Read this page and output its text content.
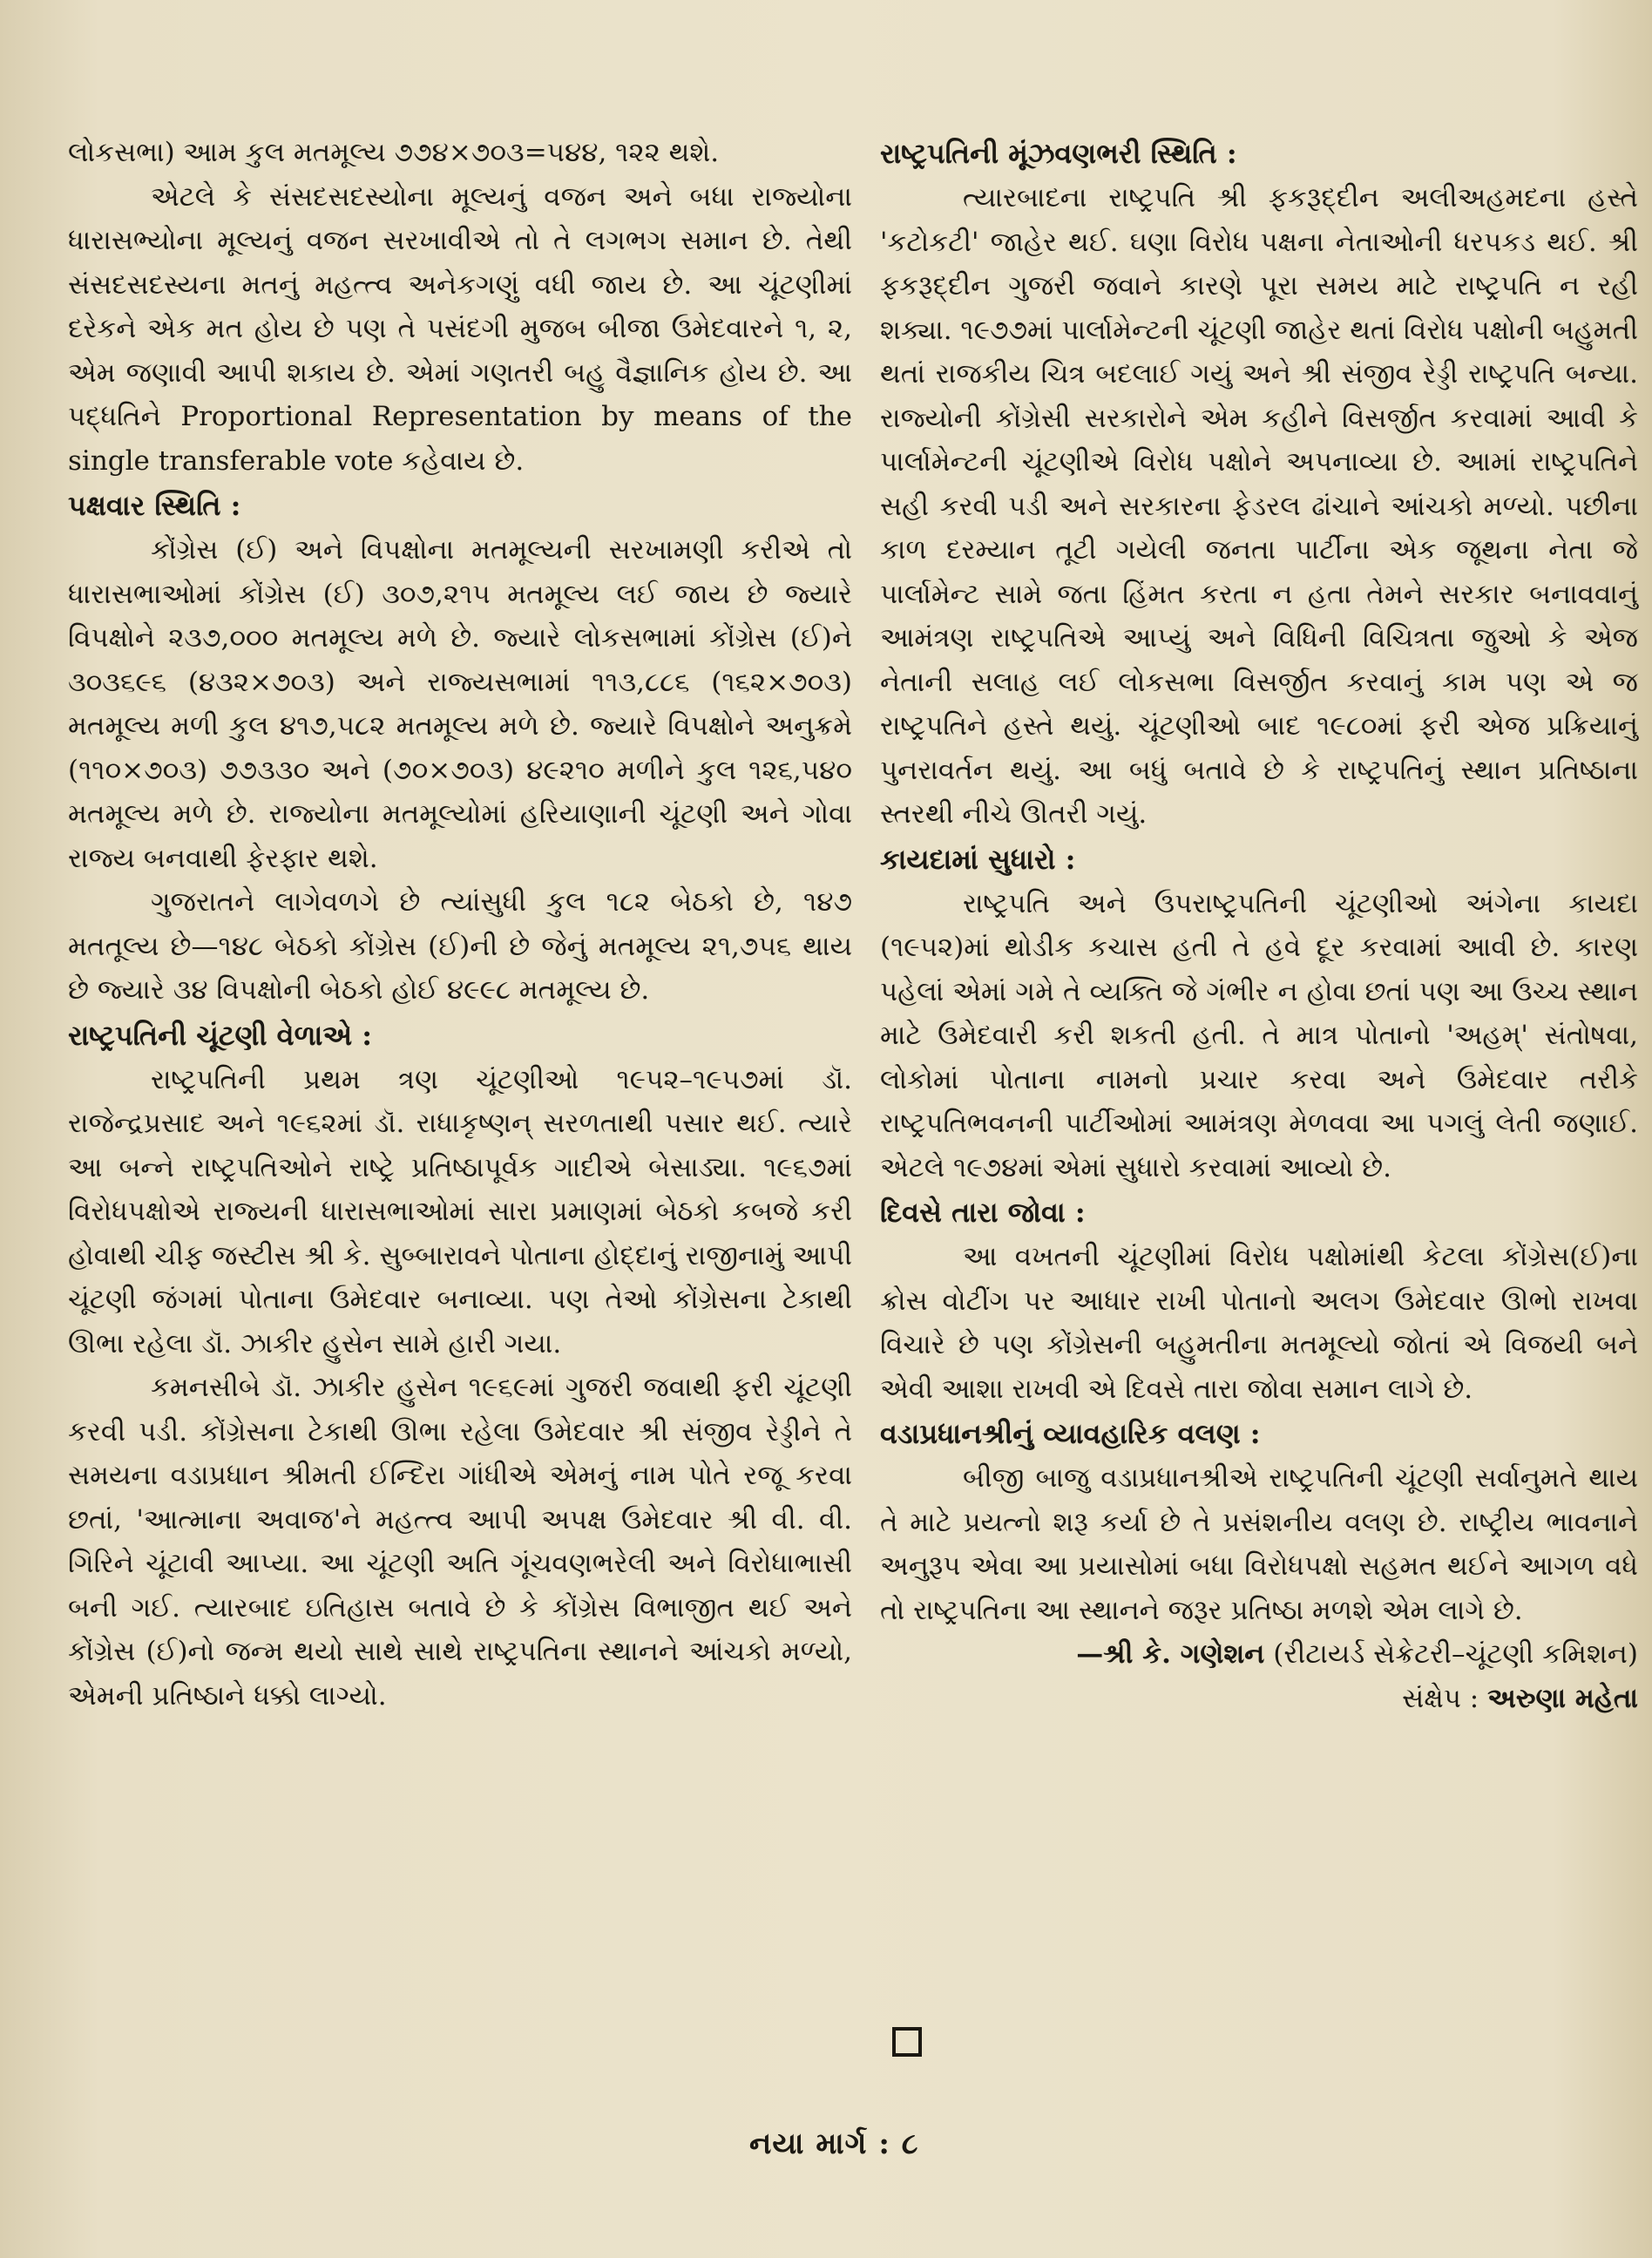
લોકસભા) આમ કુલ મતમૂલ્ય ૭૭૪×૭૦૩=૫૪૪, ૧૨૨ થશે.

એટલે કે સંસદસદસ્યોના મૂલ્યનું વજન અને બધા રાજ્યોના ધારાસભ્યોના મૂલ્યનું વજન સરખાવીએ તો તે લગભગ સમાન છે. તેથી સંસદસદસ્યના મતનું મહત્ત્વ અનેકગણું વધી જાય છે. આ ચૂંટણીમાં દરેકને એક મત હોય છે પણ તે પસંદગી મુજબ બીજા ઉમેદવારને ૧, ૨, એમ જણાવી આપી શકાય છે. એમાં ગણતરી બહુ વૈજ્ઞાનિક હોય છે. આ પદ્ધતિને Proportional Representation by means of the single transferable vote કહેવાય છે.

પક્ષવાર સ્થિતિ :

કોંગ્રેસ (ઈ) અને વિપક્ષોના મતમૂલ્યની સરખામણી કરીએ તો ધારાસભાઓમાં કોંગ્રેસ (ઈ) ૩૦૭,૨૧૫ મતમૂલ્ય લઈ જાય છે જ્યારે વિપક્ષોને ૨૩૭,૦૦૦ મતમૂલ્ય મળે છે. જ્યારે લોકસભામાં કોંગ્રેસ (ઈ)ને ૩૦૩૬૯૬ (૪૩૨×૭૦૩) અને રાજ્યસભામાં ૧૧૩,૮૮૬ (૧૬૨×૭૦૩) મતમૂલ્ય મળી કુલ ૪૧૭,૫૮૨ મતમૂલ્ય મળે છે. જ્યારે વિપક્ષોને અનુક્રમે (૧૧૦×૭૦૩) ૭૭૩૩૦ અને (૭૦×૭૦૩) ૪૯૨૧૦ મળીને કુલ ૧૨૬,૫૪૦ મતમૂલ્ય મળે છે. રાજ્યોના મતમૂલ્યોમાં હરિયાણાની ચૂંટણી અને ગોવા રાજ્ય બનવાથી ફેરફાર થશે.

ગુજરાતને લાગેવળગે છે ત્યાંસુધી કુલ ૧૮૨ બેઠકો છે, ૧૪૭ મતતૂલ્ય છે—૧૪૮ બેઠકો કોંગ્રેસ (ઈ)ની છે જેનું મતમૂલ્ય ૨૧,૭૫૬ થાય છે જ્યારે ૩૪ વિપક્ષોની બેઠકો હોઈ ૪૯૯૮ મતમૂલ્ય છે.

રાષ્ટ્રપતિની ચૂંટણી વેળાએ :

રાષ્ટ્રપતિની પ્રથમ ત્રણ ચૂંટણીઓ ૧૯૫૨–૧૯૫૭માં ડૉ. રાજેન્દ્રપ્રસાદ અને ૧૯૬૨માં ડૉ. રાધાકૃષ્ણન્ સરળતાથી પસાર થઈ. ત્યારે આ બન્ને રાષ્ટ્રપતિઓને રાષ્ટ્રે પ્રતિષ્ઠાપૂર્વક ગાદીએ બેસાડ્યા. ૧૯૬૭માં વિરોધપક્ષોએ રાજ્યની ધારાસભાઓમાં સારા પ્રમાણમાં બેઠકો કબજે કરી હોવાથી ચીફ જસ્ટીસ શ્રી કે. સુબ્બારાવને પોતાના હોદ્દાનું રાજીનામું આપી ચૂંટણી જંગમાં પોતાના ઉમેદવાર બનાવ્યા. પણ તેઓ કોંગ્રેસના ટેકાથી ઊભા રહેલા ડૉ. ઝાકીર હુસેન સામે હારી ગયા.

કમનસીબે ડૉ. ઝાકીર હુસેન ૧૯૬૯માં ગુજરી જવાથી ફરી ચૂંટણી કરવી પડી. કોંગ્રેસના ટેકાથી ઊભા રહેલા ઉમેદવાર શ્રી સંજીવ રેડ્ડીને તે સમયના વડાપ્રધાન શ્રીમતી ઈન્દિરા ગાંધીએ એમનું નામ પોતે રજૂ કરવા છતાં, 'આત્માના અવાજ'ને મહત્ત્વ આપી અપક્ષ ઉમેદવાર શ્રી વી. વી. ગિરિને ચૂંટાવી આપ્યા. આ ચૂંટણી અતિ ગૂંચવણભરેલી અને વિરોધાભાસી બની ગઈ. ત્યારબાદ ઇતિહાસ બતાવે છે કે કોંગ્રેસ વિભાજીત થઈ અને કોંગ્રેસ (ઈ)નો જન્મ થયો સાથે સાથે રાષ્ટ્રપતિના સ્થાનને આંચકો મળ્યો, એમની પ્રતિષ્ઠાને ધક્કો લાગ્યો.

રાષ્ટ્રપતિની મૂંઝવણભરી સ્થિતિ :

ત્યારબાદના રાષ્ટ્રપતિ શ્રી ફકરૂદ્દીન અલીઅહમદના હસ્તે 'કટોકટી' જાહેર થઈ. ઘણા વિરોધ પક્ષના નેતાઓની ધરપકડ થઈ. શ્રી ફકરૂદ્દીન ગુજરી જવાને કારણે પૂરા સમય માટે રાષ્ટ્રપતિ ન રહી શક્યા. ૧૯૭૭માં પાર્લામેન્ટની ચૂંટણી જાહેર થતાં વિરોધ પક્ષોની બહુમતી થતાં રાજકીય ચિત્ર બદલાઈ ગયું અને શ્રી સંજીવ રેડ્ડી રાષ્ટ્રપતિ બન્યા. રાજ્યોની કોંગ્રેસી સરકારોને એમ કહીને વિસર્જીત કરવામાં આવી કે પાર્લામેન્ટની ચૂંટણીએ વિરોધ પક્ષોને અપનાવ્યા છે. આમાં રાષ્ટ્રપતિને સહી કરવી પડી અને સરકારના ફેડરલ ઢાંચાને આંચકો મળ્યો. પછીના કાળ દરમ્યાન તૂટી ગયેલી જનતા પાર્ટીના એક જૂથના નેતા જે પાર્લામેન્ટ સામે જતા હિંમત કરતા ન હતા તેમને સરકાર બનાવવાનું આમંત્રણ રાષ્ટ્રપતિએ આપ્યું અને વિધિની વિચિત્રતા જુઓ કે એજ નેતાની સલાહ લઈ લોકસભા વિસર્જીત કરવાનું કામ પણ એ જ રાષ્ટ્રપતિને હસ્તે થયું. ચૂંટણીઓ બાદ ૧૯૮૦માં ફરી એજ પ્રક્રિયાનું પુનરાવર્તન થયું. આ બધું બતાવે છે કે રાષ્ટ્રપતિનું સ્થાન પ્રતિષ્ઠાના સ્તરથી નીચે ઊતરી ગયું.

કાયદામાં સુધારો :

રાષ્ટ્રપતિ અને ઉપરાષ્ટ્રપતિની ચૂંટણીઓ અંગેના કાયદા (૧૯૫૨)માં થોડીક કચાસ હતી તે હવે દૂર કરવામાં આવી છે. કારણ પહેલાં એમાં ગમે તે વ્યક્તિ જે ગંભીર ન હોવા છતાં પણ આ ઉચ્ચ સ્થાન માટે ઉમેદવારી કરી શકતી હતી. તે માત્ર પોતાનો 'અહમ્' સંતોષવા, લોકોમાં પોતાના નામનો પ્રચાર કરવા અને ઉમેદવાર તરીકે રાષ્ટ્રપતિભવનની પાર્ટીઓમાં આમંત્રણ મેળવવા આ પગલું લેતી જણાઈ. એટલે ૧૯૭૪માં એમાં સુધારો કરવામાં આવ્યો છે.

દિવસે તારા જોવા :

આ વખતની ચૂંટણીમાં વિરોધ પક્ષોમાંથી કેટલા કોંગ્રેસ(ઈ)ના ક્રોસ વોટીંગ પર આધાર રાખી પોતાનો અલગ ઉમેદવાર ઊભો રાખવા વિચારે છે પણ કોંગ્રેસની બહુમતીના મતમૂલ્યો જોતાં એ વિજયી બને એવી આશા રાખવી એ દિવસે તારા જોવા સમાન લાગે છે.

વડાપ્રધાનશ્રીનું વ્યાવહારિક વલણ :

બીજી બાજુ વડાપ્રધાનશ્રીએ રાષ્ટ્રપતિની ચૂંટણી સર્વાનુમતે થાય તે માટે પ્રયત્નો શરૂ કર્યા છે તે પ્રસંશનીય વલણ છે. રાષ્ટ્રીય ભાવનાને અનુરૂપ એવા આ પ્રયાસોમાં બધા વિરોધપક્ષો સહમત થઈને આગળ વધે તો રાષ્ટ્રપતિના આ સ્થાનને જરૂર પ્રતિષ્ઠા મળશે એમ લાગે છે.

—શ્રી કે. ગણેશન (રીટાયર્ડ સેક્રેટરી–ચૂંટણી કમિશન)

સંક્ષેપ : અરુણા મહેતા

નયા માર્ગ : ૮
